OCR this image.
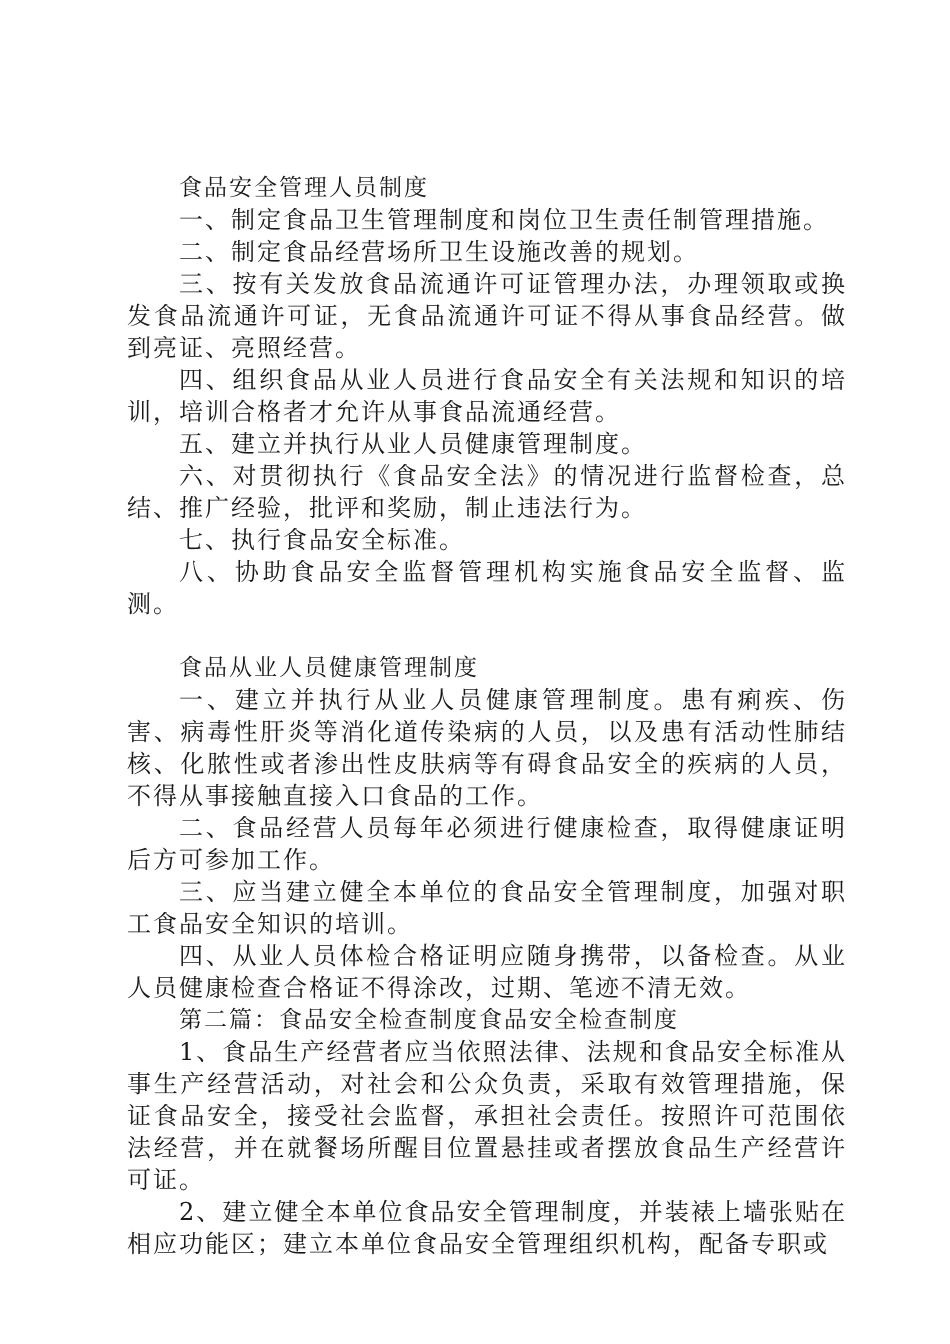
食品安全管理人员制度

一、制定食品卫生管理制度和岗位卫生责任制管理措施。

二、制定食品经营场所卫生设施改善的规划。

三、按有关发放食品流通许可证管理办法，办理领取或换发食品流通许可证，无食品流通许可证不得从事食品经营。做到亮证、亮照经营。

四、组织食品从业人员进行食品安全有关法规和知识的培训，培训合格者才允许从事食品流通经营。

五、建立并执行从业人员健康管理制度。

六、对贯彻执行《食品安全法》的情况进行监督检查，总结、推广经验，批评和奖励，制止违法行为。

七、执行食品安全标准。

八、协助食品安全监督管理机构实施食品安全监督、监测。

食品从业人员健康管理制度

一、建立并执行从业人员健康管理制度。患有痢疾、伤害、病毒性肝炎等消化道传染病的人员，以及患有活动性肺结核、化脓性或者渗出性皮肤病等有碍食品安全的疾病的人员，不得从事接触直接入口食品的工作。

二、食品经营人员每年必须进行健康检查，取得健康证明后方可参加工作。

三、应当建立健全本单位的食品安全管理制度，加强对职工食品安全知识的培训。

四、从业人员体检合格证明应随身携带，以备检查。从业人员健康检查合格证不得涂改，过期、笔迹不清无效。

第二篇：食品安全检查制度食品安全检查制度

1、食品生产经营者应当依照法律、法规和食品安全标准从事生产经营活动，对社会和公众负责，采取有效管理措施，保证食品安全，接受社会监督，承担社会责任。按照许可范围依法经营，并在就餐场所醒目位置悬挂或者摆放食品生产经营许可证。

2、建立健全本单位食品安全管理制度，并装裱上墙张贴在相应功能区；建立本单位食品安全管理组织机构，配备专职或
